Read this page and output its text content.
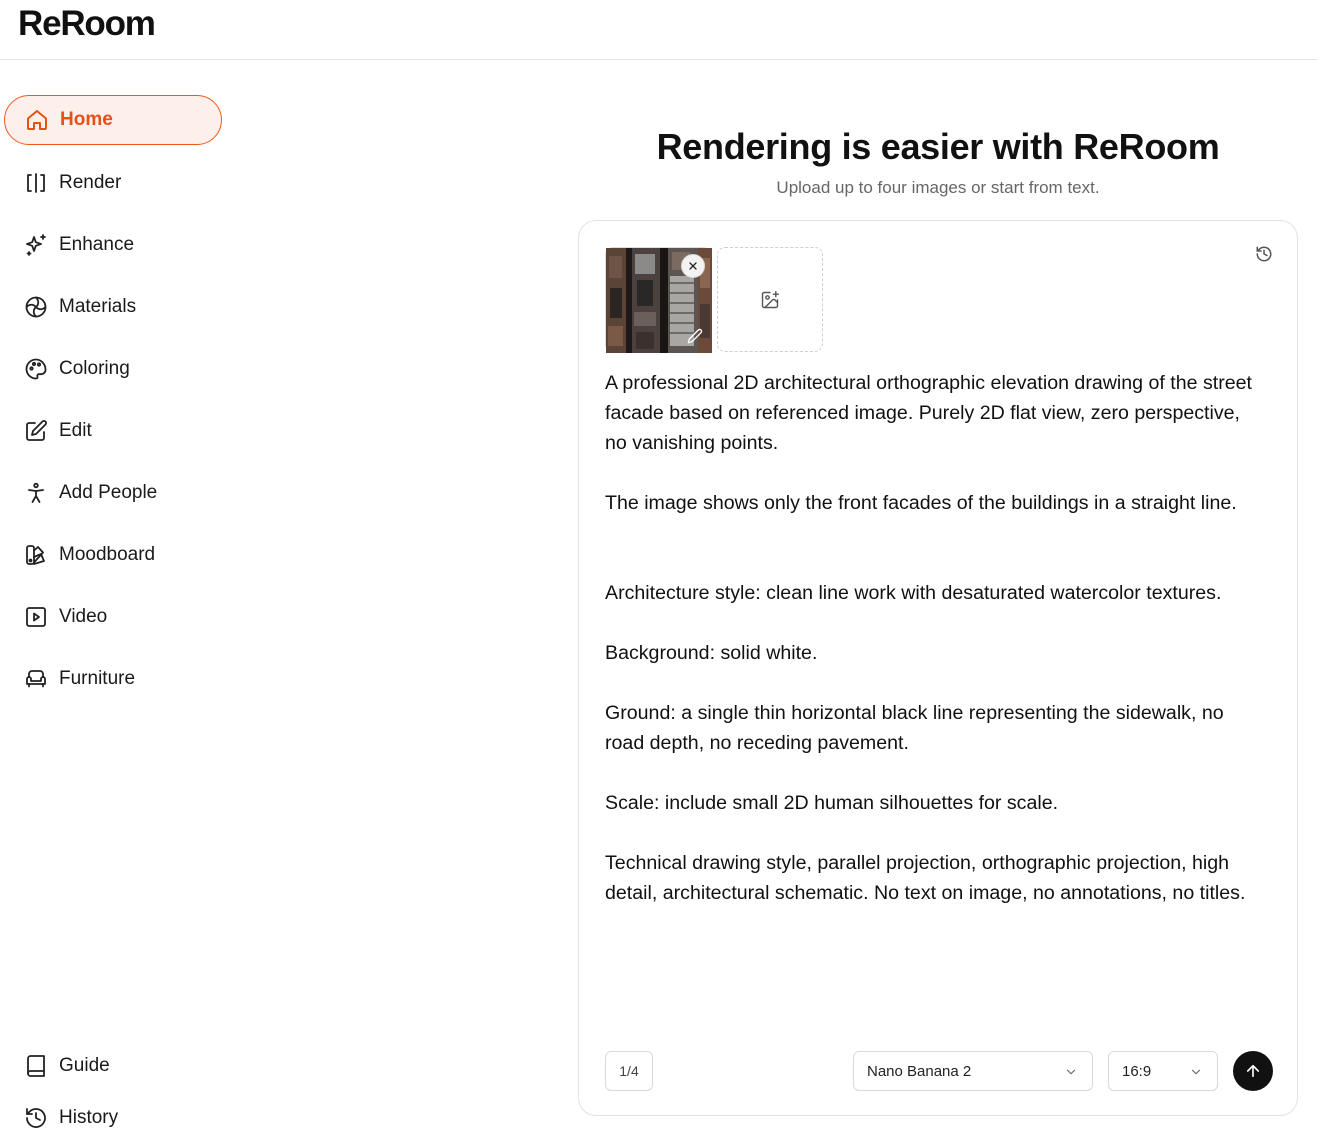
ReRoom
Home
Render
Enhance
Materials
Coloring
Edit
Add People
Moodboard
Video
Furniture
Guide
History
Rendering is easier with ReRoom

Upload up to four images or start from text.

A professional 2D architectural orthographic elevation drawing of the street facade based on referenced image. Purely 2D flat view, zero perspective, no vanishing points.

The image shows only the front facades of the buildings in a straight line.

Architecture style: clean line work with desaturated watercolor textures.

Background: solid white.

Ground: a single thin horizontal black line representing the sidewalk, no road depth, no receding pavement.

Scale: include small 2D human silhouettes for scale.

Technical drawing style, parallel projection, orthographic projection, high detail, architectural schematic. No text on image, no annotations, no titles.
1/4	Nano Banana 2	16:9
